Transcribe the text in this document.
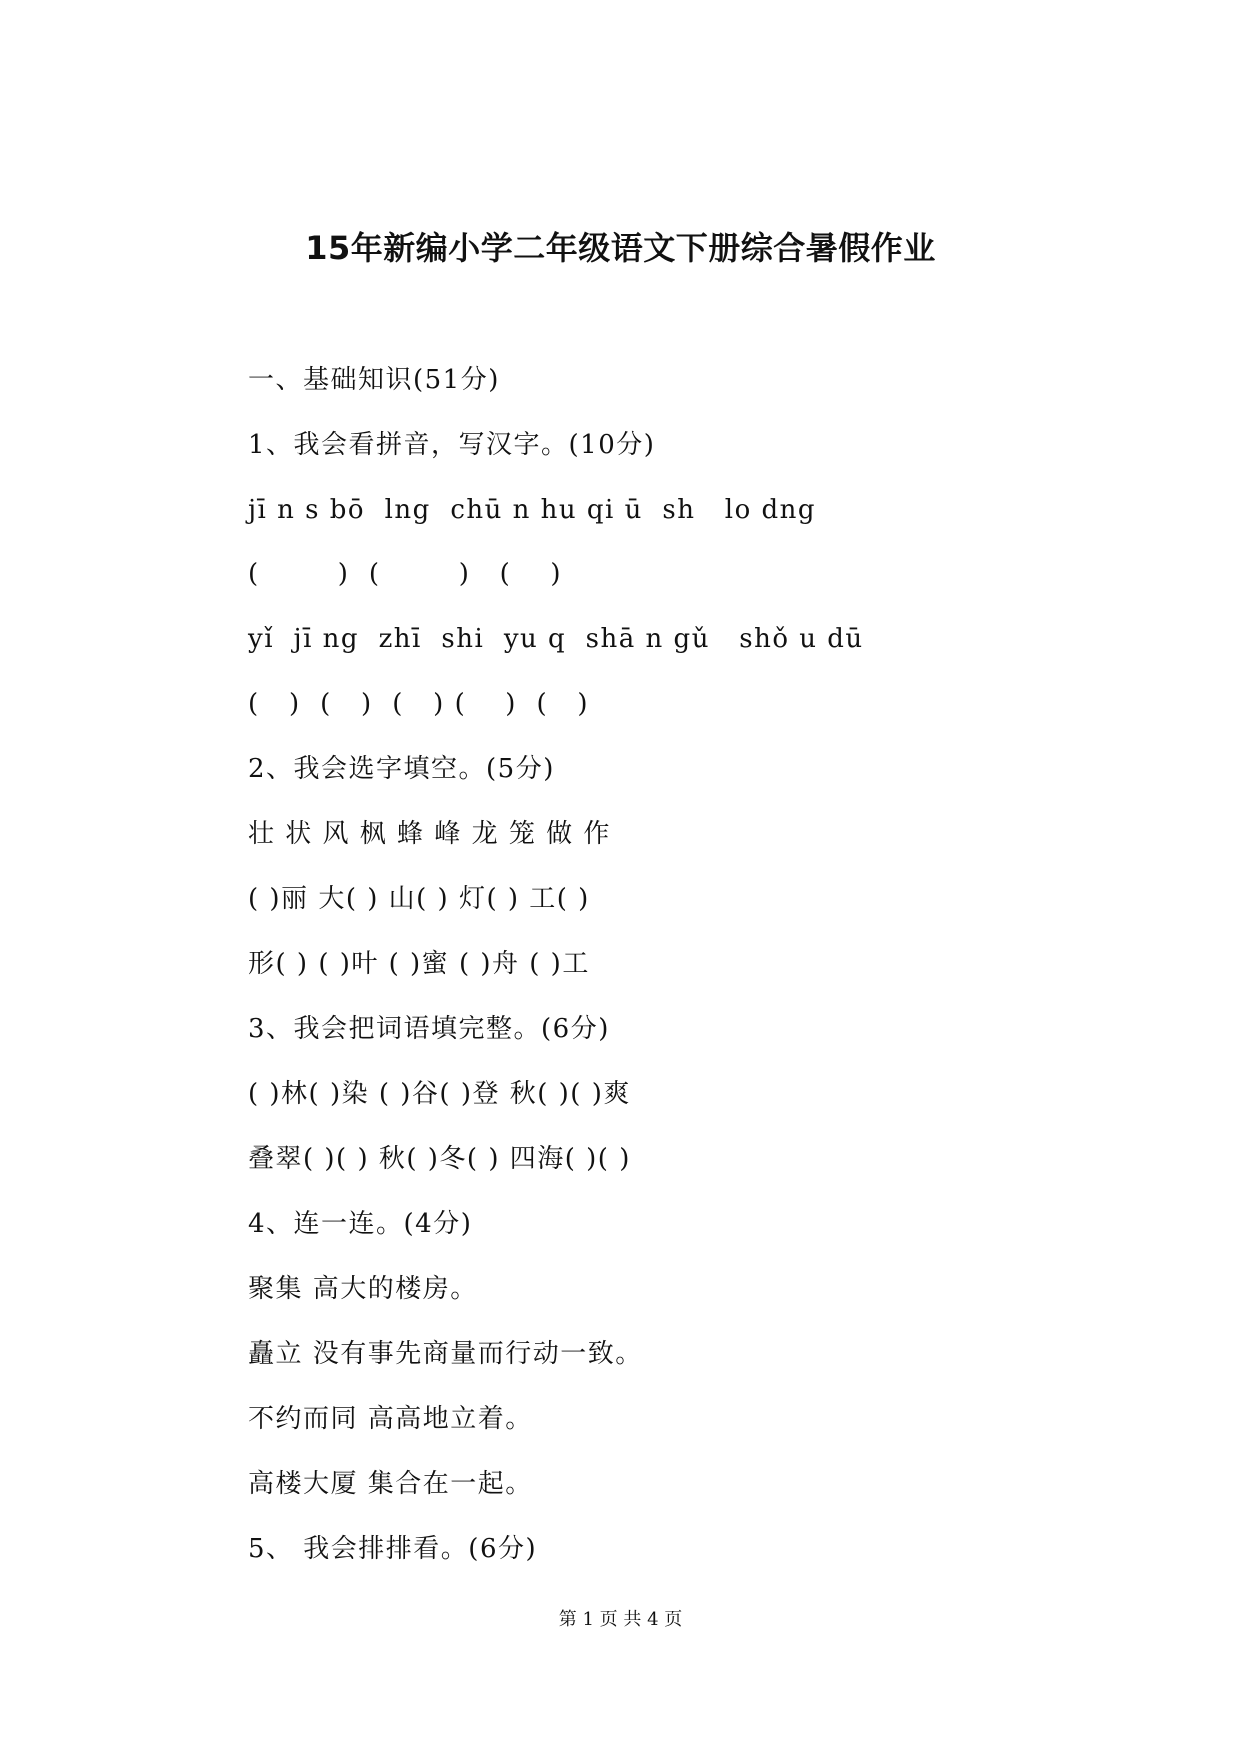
15年新编小学二年级语文下册综合暑假作业
一、基础知识(51分)
1、我会看拼音，写汉字。(10分)
jī n s bō  lng  chū n hu qi ū  sh   lo dng
(        )  (        )   (    )
yǐ  jī ng  zhī  shi  yu q  shā n gǔ   shǒ u dū
(   )  (   )  (   ) (    )  (   )
2、我会选字填空。(5分)
壮 状 风 枫 蜂 峰 龙 笼 做 作
( )丽 大( ) 山( ) 灯( ) 工( )
形( ) ( )叶 ( )蜜 ( )舟 ( )工
3、我会把词语填完整。(6分)
( )林( )染 ( )谷( )登 秋( )( )爽
叠翠( )( ) 秋( )冬( ) 四海( )( )
4、连一连。(4分)
聚集 高大的楼房。
矗立 没有事先商量而行动一致。
不约而同 高高地立着。
高楼大厦 集合在一起。
5、 我会排排看。(6分)
第 1 页 共 4 页
